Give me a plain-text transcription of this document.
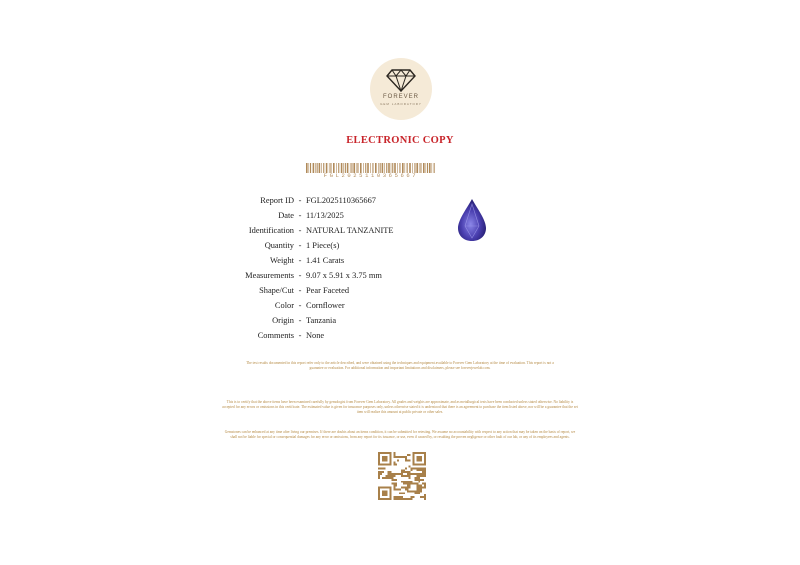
FOREVER
GEM LABORATORY
ELECTRONIC COPY
FGL2025110365667
Report ID - FGL2025110365667
Date - 11/13/2025
Identification - NATURAL TANZANITE
Quantity - 1 Piece(s)
Weight - 1.41 Carats
Measurements - 9.07 x 5.91 x 3.75 mm
Shape/Cut - Pear Faceted
Color - Cornflower
Origin - Tanzania
Comments - None
The test results documented in this report refer only to the article described, and were obtained using the techniques and equipment available to Forever Gem Laboratory at the time of evaluation. This report is not a guarantee or evaluation. For additional information and important limitations and disclaimers, please see foreverjewelab.com.
This is to certify that the above items have been examined carefully by gemologist from Forever Gem Laboratory. All grades and weights are approximate, and as metallurgical tests have been conducted unless stated otherwise. No liability is accepted for any errors or omissions in this certificate. The estimated value is given for insurance purposes only, unless otherwise stated it is understood that there is an agreement to purchase the item listed above, nor will be a guarantee that the set item will realize this amount at public private or other sales.
Gemstones can be enhanced at any time after living our premises. If there are doubts about an items condition, it can be submitted for retesting. We assume no accountability with respect to any action that may be taken on the basis of report, we shall not be liable for special or consequential damages for any error or omissions, from any report for its issuance, or use, even if caused by, or resulting the proven negligence or other fault of our lab, or any of its employees and agents.
